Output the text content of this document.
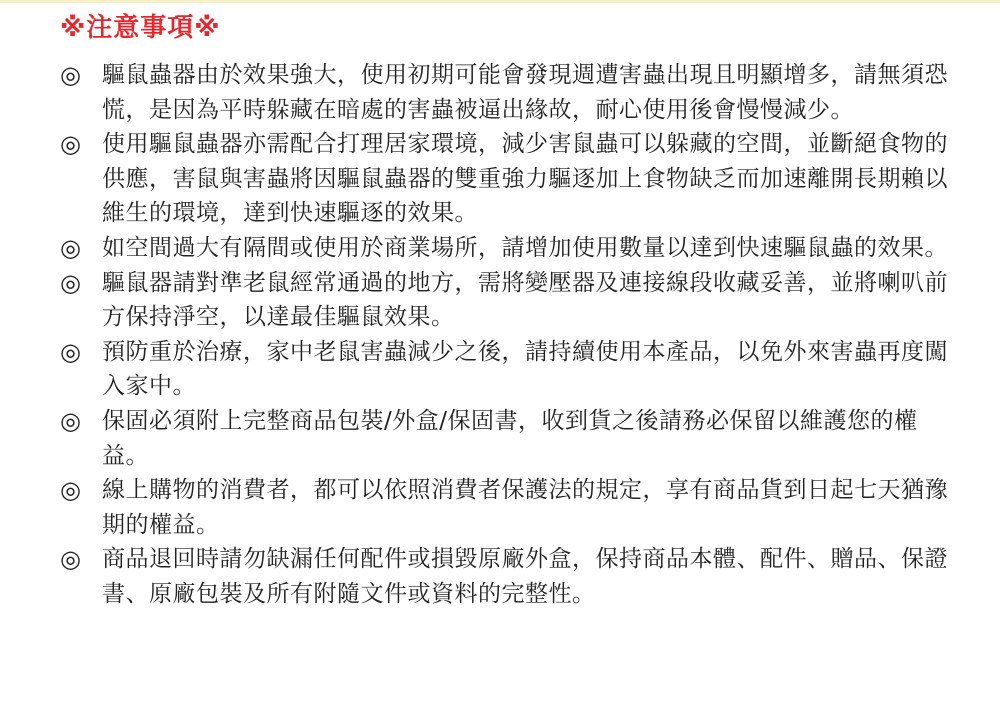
※注意事項※
◎ 驅鼠蟲器由於效果強大，使用初期可能會發現週遭害蟲出現且明顯增多，請無須恐慌，是因為平時躲藏在暗處的害蟲被逼出緣故，耐心使用後會慢慢減少。
◎ 使用驅鼠蟲器亦需配合打理居家環境，減少害鼠蟲可以躲藏的空間，並斷絕食物的供應，害鼠與害蟲將因驅鼠蟲器的雙重強力驅逐加上食物缺乏而加速離開長期賴以維生的環境，達到快速驅逐的效果。
◎ 如空間過大有隔間或使用於商業場所，請增加使用數量以達到快速驅鼠蟲的效果。
◎ 驅鼠器請對準老鼠經常通過的地方，需將變壓器及連接線段收藏妥善，並將喇叭前方保持淨空，以達最佳驅鼠效果。
◎ 預防重於治療，家中老鼠害蟲減少之後，請持續使用本產品，以免外來害蟲再度闖入家中。
◎ 保固必須附上完整商品包裝/外盒/保固書，收到貨之後請務必保留以維護您的權益。
◎ 線上購物的消費者，都可以依照消費者保護法的規定，享有商品貨到日起七天猶豫期的權益。
◎ 商品退回時請勿缺漏任何配件或損毀原廠外盒，保持商品本體、配件、贈品、保證書、原廠包裝及所有附隨文件或資料的完整性。
